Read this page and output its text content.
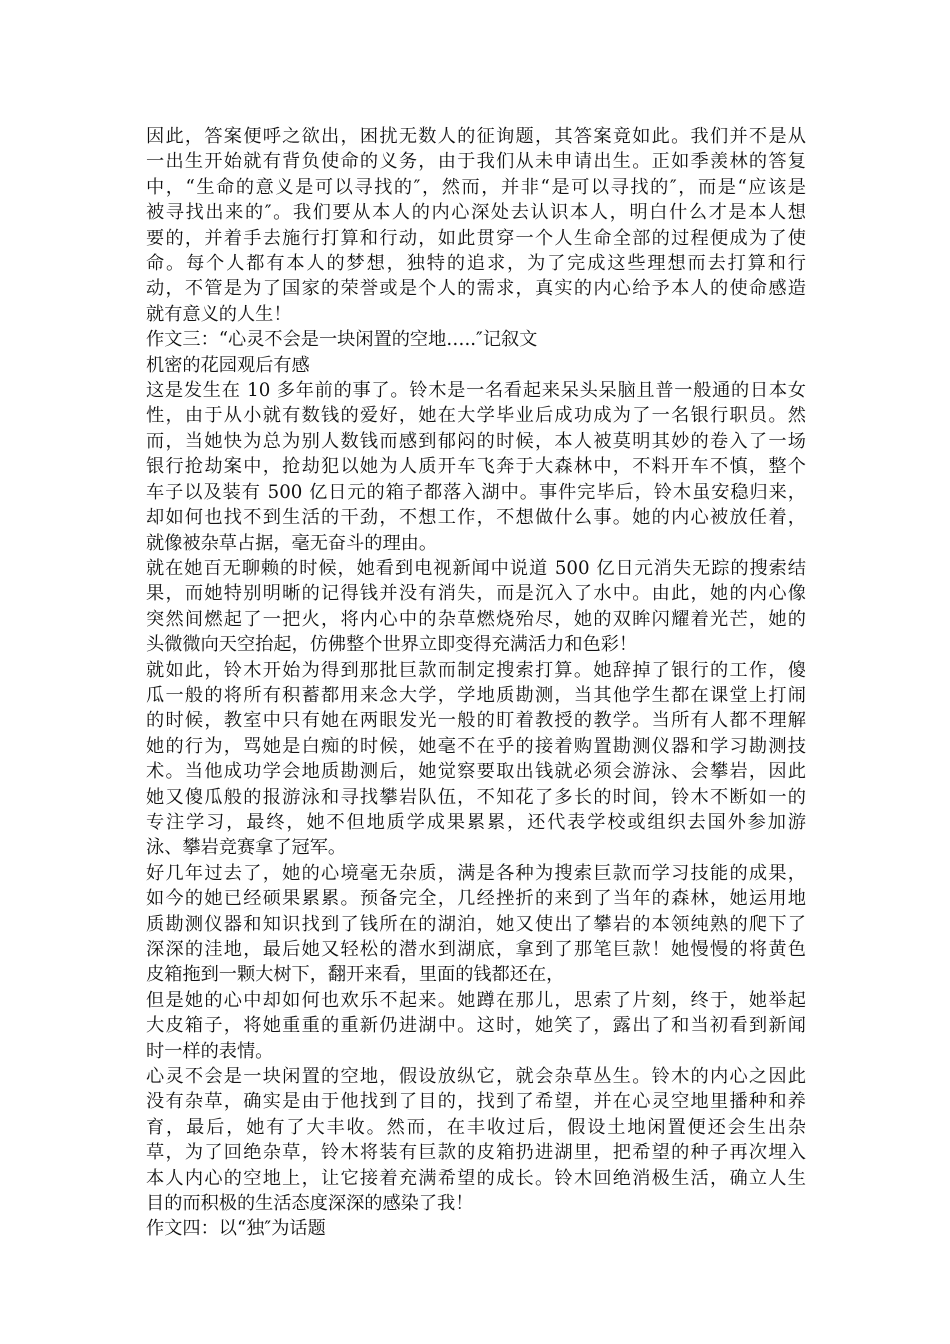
因此，答案便呼之欲出，困扰无数人的征询题，其答案竟如此。我们并不是从
一出生开始就有背负使命的义务，由于我们从未申请出生。正如季羡林的答复
中，“生命的意义是可以寻找的″，然而，并非“是可以寻找的″，而是“应该是
被寻找出来的″。我们要从本人的内心深处去认识本人，明白什么才是本人想
要的，并着手去施行打算和行动，如此贯穿一个人生命全部的过程便成为了使
命。每个人都有本人的梦想，独特的追求，为了完成这些理想而去打算和行
动，不管是为了国家的荣誉或是个人的需求，真实的内心给予本人的使命感造
就有意义的人生！
作文三：“心灵不会是一块闲置的空地…..″记叙文
机密的花园观后有感
这是发生在 10 多年前的事了。铃木是一名看起来呆头呆脑且普一般通的日本女
性，由于从小就有数钱的爱好，她在大学毕业后成功成为了一名银行职员。然
而，当她快为总为别人数钱而感到郁闷的时候，本人被莫明其妙的卷入了一场
银行抢劫案中，抢劫犯以她为人质开车飞奔于大森林中，不料开车不慎，整个
车子以及装有 500 亿日元的箱子都落入湖中。事件完毕后，铃木虽安稳归来，
却如何也找不到生活的干劲，不想工作，不想做什么事。她的内心被放任着，
就像被杂草占据，毫无奋斗的理由。
就在她百无聊赖的时候，她看到电视新闻中说道 500 亿日元消失无踪的搜索结
果，而她特别明晰的记得钱并没有消失，而是沉入了水中。由此，她的内心像
突然间燃起了一把火，将内心中的杂草燃烧殆尽，她的双眸闪耀着光芒，她的
头微微向天空抬起，仿佛整个世界立即变得充满活力和色彩！
就如此，铃木开始为得到那批巨款而制定搜索打算。她辞掉了银行的工作，傻
瓜一般的将所有积蓄都用来念大学，学地质勘测，当其他学生都在课堂上打闹
的时候，教室中只有她在两眼发光一般的盯着教授的教学。当所有人都不理解
她的行为，骂她是白痴的时候，她毫不在乎的接着购置勘测仪器和学习勘测技
术。当他成功学会地质勘测后，她觉察要取出钱就必须会游泳、会攀岩，因此
她又傻瓜般的报游泳和寻找攀岩队伍，不知花了多长的时间，铃木不断如一的
专注学习，最终，她不但地质学成果累累，还代表学校或组织去国外参加游
泳、攀岩竞赛拿了冠军。
好几年过去了，她的心境毫无杂质，满是各种为搜索巨款而学习技能的成果，
如今的她已经硕果累累。预备完全，几经挫折的来到了当年的森林，她运用地
质勘测仪器和知识找到了钱所在的湖泊，她又使出了攀岩的本领纯熟的爬下了
深深的洼地，最后她又轻松的潜水到湖底，拿到了那笔巨款！她慢慢的将黄色
皮箱拖到一颗大树下，翻开来看，里面的钱都还在，
但是她的心中却如何也欢乐不起来。她蹲在那儿，思索了片刻，终于，她举起
大皮箱子，将她重重的重新仍进湖中。这时，她笑了，露出了和当初看到新闻
时一样的表情。
心灵不会是一块闲置的空地，假设放纵它，就会杂草丛生。铃木的内心之因此
没有杂草，确实是由于他找到了目的，找到了希望，并在心灵空地里播种和养
育，最后，她有了大丰收。然而，在丰收过后，假设土地闲置便还会生出杂
草，为了回绝杂草，铃木将装有巨款的皮箱扔进湖里，把希望的种子再次埋入
本人内心的空地上，让它接着充满希望的成长。铃木回绝消极生活，确立人生
目的而积极的生活态度深深的感染了我！
作文四：以“独″为话题
